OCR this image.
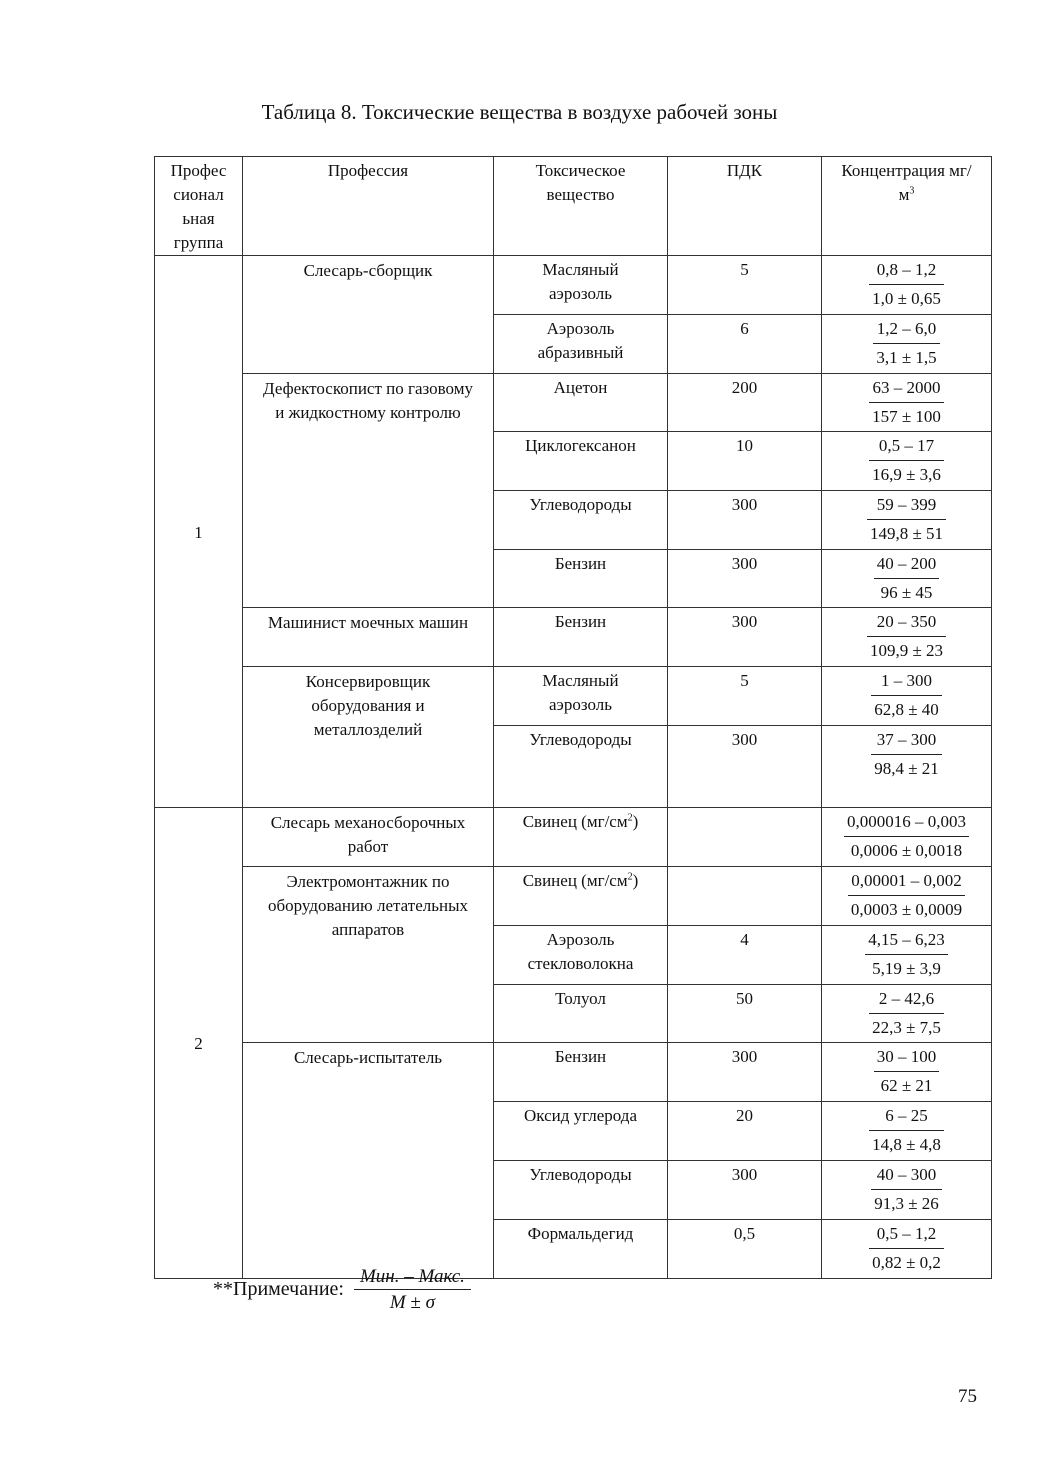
Таблица 8. Токсические вещества в воздухе рабочей зоны
Профес сионал ьная группа	Профессия	Токсическое вещество	ПДК	Концентрация $мг/м^3$
1	Слесарь-сборщик	Масляный аэрозоль	5	$\frac{0,8 - 1,2}{1,0 \pm 0,65}$

		Аэрозоль абразивный	6	$\frac{1,2 - 6,0}{3,1 \pm 1,5}$

	Дефектоскопист по газовому и жидкостному контролю	Ацетон	200	$\frac{63 - 2000}{157 \pm 100}$

		Циклогексанон	10	$\frac{0,5 - 17}{16,9 \pm 3,6}$

		Углеводороды	300	$\frac{59 - 399}{149,8 \pm 51}$

		Бензин	300	$\frac{40 - 200}{96 \pm 45}$

	Машинист моечных машин	Бензин	300	$\frac{20 - 350}{109,9 \pm 23}$

	Консервировщик оборудования и металлозделий	Масляный аэрозоль	5	$\frac{1 - 300}{62,8 \pm 40}$

		Углеводороды	300	$\frac{37 - 300}{98,4 \pm 21}$

2	Слесарь механосборочных работ	Свинец $(мг/см^2)$		$\frac{0,000016 - 0,003}{0,0006 \pm 0,0018}$

	Электромонтажник по оборудованию летательных аппаратов	Свинец $(мг/см^2)$		$\frac{0,00001 - 0,002}{0,0003 \pm 0,0009}$

		Аэрозоль стекловолокна	4	$\frac{4,15 - 6,23}{5,19 \pm 3,9}$

		Толуол	50	$\frac{2 - 42,6}{22,3 \pm 7,5}$

	Слесарь-испытатель	Бензин	300	$\frac{30 - 100}{62 \pm 21}$

		Оксид углерода	20	$\frac{6 - 25}{14,8 \pm 4,8}$

		Углеводороды	300	$\frac{40 - 300}{91,3 \pm 26}$

		Формальдегид	0,5	$\frac{0,5 - 1,2}{0,82 \pm 0,2}$
**Примечание: $\frac{\text{Мин. – Макс.}}{M \pm \sigma}$
75
